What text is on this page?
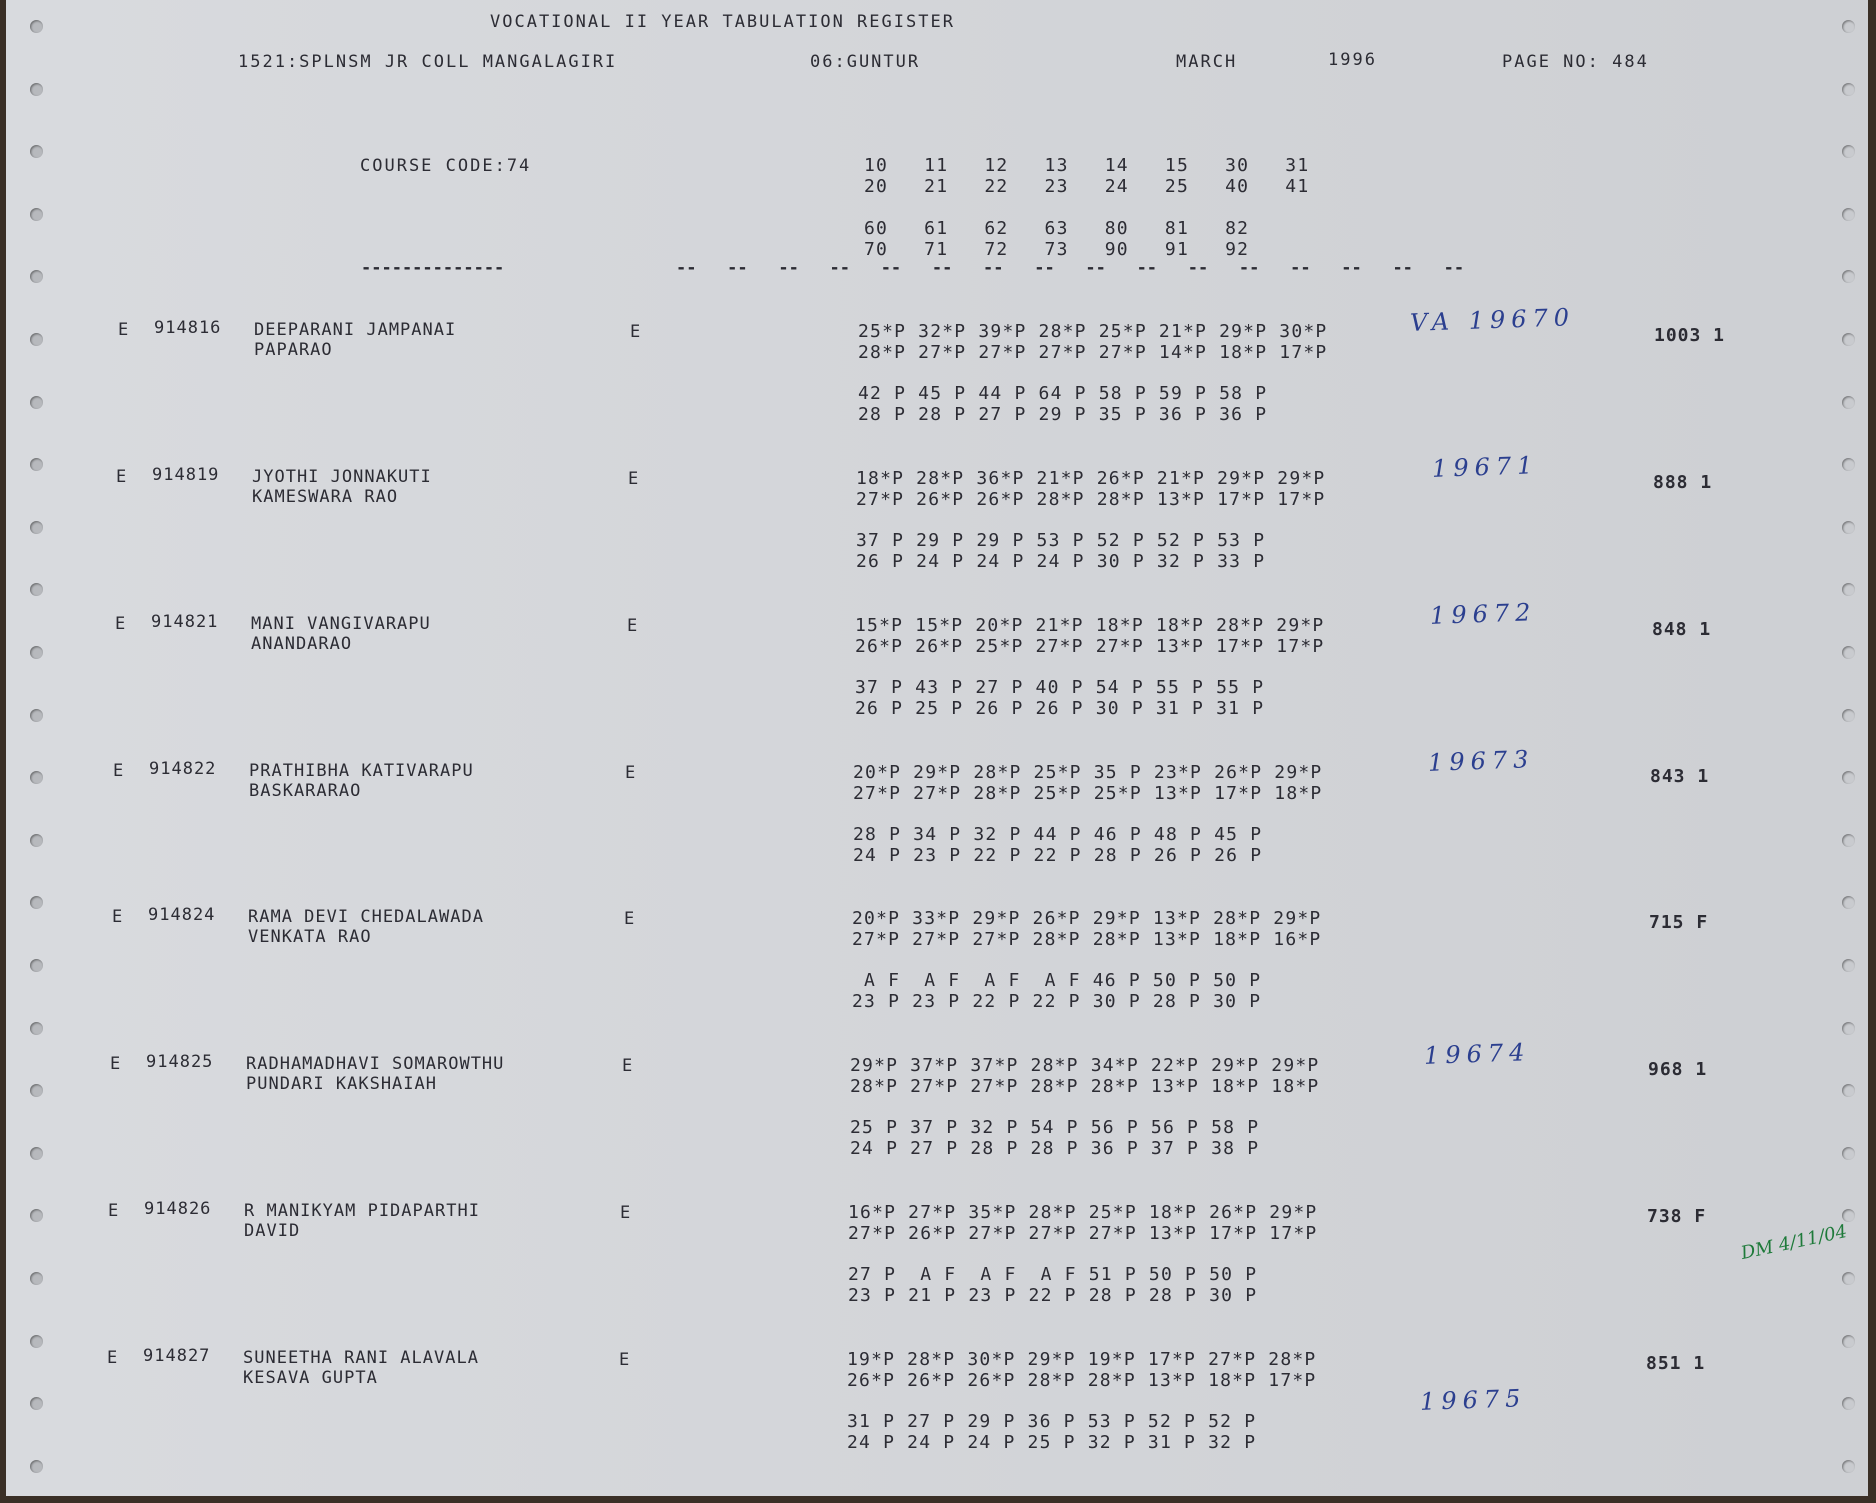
VOCATIONAL II YEAR TABULATION REGISTER
1521:SPLNSM JR COLL MANGALAGIRI	06:GUNTUR	MARCH	1996	PAGE NO: 484
COURSE CODE:74	10   11   12   13   14   15   30   31
20   21   22   23   24   25   40   41
60   61   62   63   80   81   82
70   71   72   73   90   91   92
--------------	--   --   --   --   --   --   --   --   --   --   --   --   --   --   --   --
E 914816 DEEPARANI JAMPANAI
PAPARAO
E	25*P 32*P 39*P 28*P 25*P 21*P 29*P 30*P
28*P 27*P 27*P 27*P 27*P 14*P 18*P 17*P
42 P 45 P 44 P 64 P 58 P 59 P 58 P
28 P 28 P 27 P 29 P 35 P 36 P 36 P
1003 1
VA 19670
E 914819 JYOTHI JONNAKUTI
KAMESWARA RAO
E	18*P 28*P 36*P 21*P 26*P 21*P 29*P 29*P
27*P 26*P 26*P 28*P 28*P 13*P 17*P 17*P
37 P 29 P 29 P 53 P 52 P 52 P 53 P
26 P 24 P 24 P 24 P 30 P 32 P 33 P
888 1
19671
E 914821 MANI VANGIVARAPU
ANANDARAO
E	15*P 15*P 20*P 21*P 18*P 18*P 28*P 29*P
26*P 26*P 25*P 27*P 27*P 13*P 17*P 17*P
37 P 43 P 27 P 40 P 54 P 55 P 55 P
26 P 25 P 26 P 26 P 30 P 31 P 31 P
848 1
19672
E 914822 PRATHIBHA KATIVARAPU
BASKARARAO
E	20*P 29*P 28*P 25*P 35 P 23*P 26*P 29*P
27*P 27*P 28*P 25*P 25*P 13*P 17*P 18*P
28 P 34 P 32 P 44 P 46 P 48 P 45 P
24 P 23 P 22 P 22 P 28 P 26 P 26 P
843 1
19673
E 914824 RAMA DEVI CHEDALAWADA
VENKATA RAO
E	20*P 33*P 29*P 26*P 29*P 13*P 28*P 29*P
27*P 27*P 27*P 28*P 28*P 13*P 18*P 16*P
A F  A F  A F  A F 46 P 50 P 50 P
23 P 23 P 22 P 22 P 30 P 28 P 30 P
715 F
E 914825 RADHAMADHAVI SOMAROWTHU
PUNDARI KAKSHAIAH
E	29*P 37*P 37*P 28*P 34*P 22*P 29*P 29*P
28*P 27*P 27*P 28*P 28*P 13*P 18*P 18*P
25 P 37 P 32 P 54 P 56 P 56 P 58 P
24 P 27 P 28 P 28 P 36 P 37 P 38 P
968 1
19674
E 914826 R MANIKYAM PIDAPARTHI
DAVID
E	16*P 27*P 35*P 28*P 25*P 18*P 26*P 29*P
27*P 26*P 27*P 27*P 27*P 13*P 17*P 17*P
27 P  A F  A F  A F 51 P 50 P 50 P
23 P 21 P 23 P 22 P 28 P 28 P 30 P
738 F
E 914827 SUNEETHA RANI ALAVALA
KESAVA GUPTA
E	19*P 28*P 30*P 29*P 19*P 17*P 27*P 28*P
26*P 26*P 26*P 28*P 28*P 13*P 18*P 17*P
31 P 27 P 29 P 36 P 53 P 52 P 52 P
24 P 24 P 24 P 25 P 32 P 31 P 32 P
851 1
19675
DM 4/11/04
